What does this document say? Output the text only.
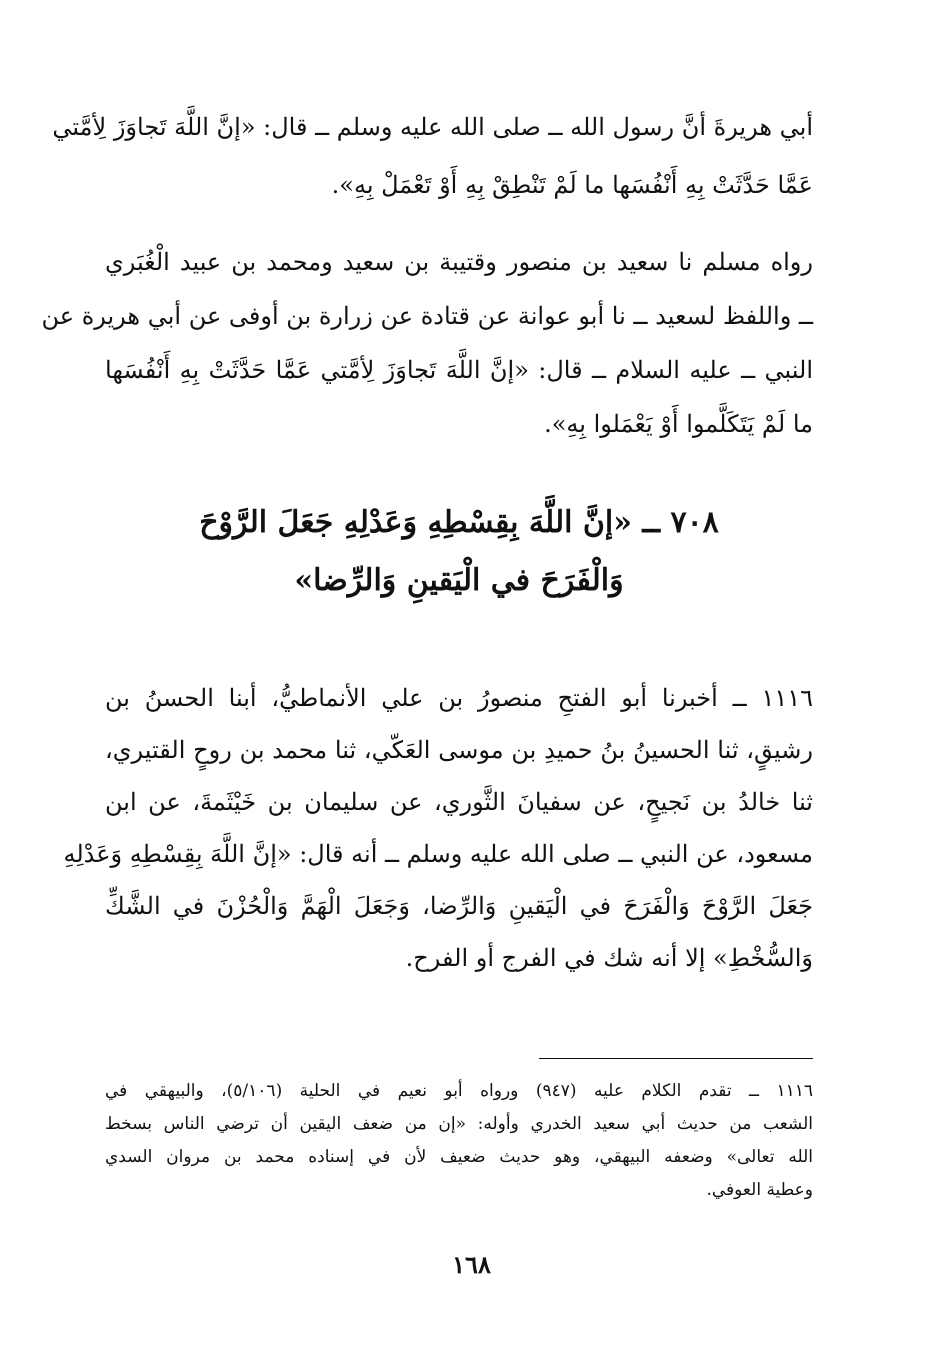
أبي هريرةَ أنَّ رسول الله ــ صلى الله عليه وسلم ــ قال: «إنَّ اللَّهَ تَجاوَزَ لِأمَّتي
عَمَّا حَدَّثَتْ بِهِ أَنْفُسَها ما لَمْ تَنْطِقْ بِهِ أَوْ تَعْمَلْ بِهِ».
رواه مسلم نا سعيد بن منصور وقتيبة بن سعيد ومحمد بن عبيد الْغُبَري
ــ واللفظ لسعيد ــ نا أبو عوانة عن قتادة عن زرارة بن أوفى عن أبي هريرة عن
النبي ــ عليه السلام ــ قال: «إنَّ اللَّهَ تَجاوَزَ لِأمَّتي عَمَّا حَدَّثَتْ بِهِ أَنْفُسَها
ما لَمْ يَتَكَلَّموا أَوْ يَعْمَلوا بِهِ».
٧٠٨ ــ «إنَّ اللَّهَ بِقِسْطِهِ وَعَدْلِهِ جَعَلَ الرَّوْحَ
وَالْفَرَحَ في الْيَقينِ وَالرِّضا»
١١١٦ ــ أخبرنا أبو الفتحِ منصورُ بن علي الأنماطيُّ، أبنا الحسنُ بن
رشيقٍ، ثنا الحسينُ بنُ حميدِ بن موسى العَكّي، ثنا محمد بن روحٍ القتيري،
ثنا خالدُ بن نَجيحٍ، عن سفيانَ الثَّوري، عن سليمان بن خَيْثَمةَ، عن ابن
مسعود، عن النبي ــ صلى الله عليه وسلم ــ أنه قال: «إنَّ اللَّهَ بِقِسْطِهِ وَعَدْلِهِ
جَعَلَ الرَّوْحَ وَالْفَرَحَ في الْيَقينِ وَالرِّضا، وَجَعَلَ الْهَمَّ وَالْحُزْنَ في الشَّكِّ
وَالسُّخْطِ» إلا أنه شك في الفرج أو الفرح.
١١١٦ ــ تقدم الكلام عليه (٩٤٧) ورواه أبو نعيم في الحلية (٥/١٠٦)، والبيهقي في
الشعب من حديث أبي سعيد الخدري وأوله: «إن من ضعف اليقين أن ترضي الناس بسخط
الله تعالى» وضعفه البيهقي، وهو حديث ضعيف لأن في إسناده محمد بن مروان السدي
وعطية العوفي.
١٦٨
